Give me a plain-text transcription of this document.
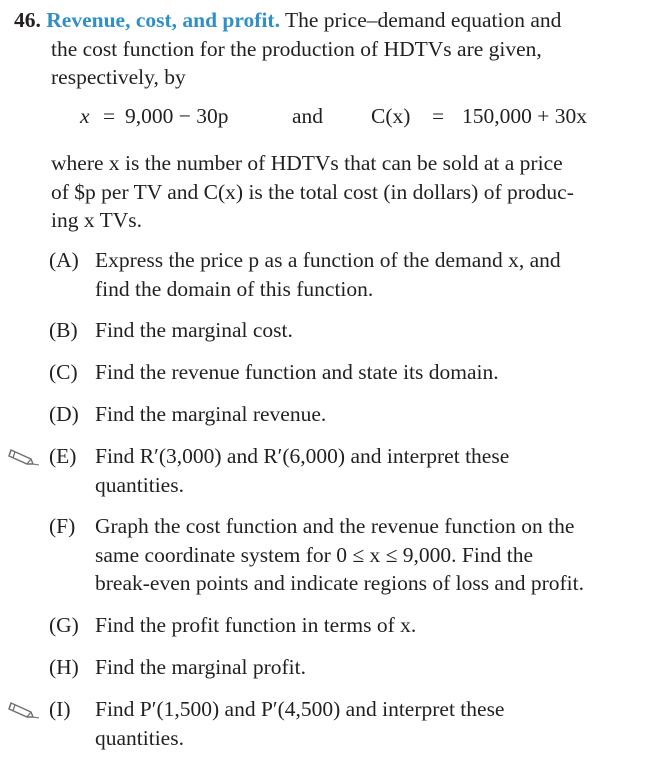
46. Revenue, cost, and profit. The price–demand equation and
the cost function for the production of HDTVs are given,
respectively, by
x = 9,000 − 30p	and C(x) = 150,000 + 30x
where x is the number of HDTVs that can be sold at a price
of $p per TV and C(x) is the total cost (in dollars) of produc-
ing x TVs.
(A) Express the price p as a function of the demand x, and
find the domain of this function.
(B) Find the marginal cost.
(C) Find the revenue function and state its domain.
(D) Find the marginal revenue.
(E) Find R′(3,000) and R′(6,000) and interpret these
quantities.
(F) Graph the cost function and the revenue function on the
same coordinate system for 0 ≤ x ≤ 9,000. Find the
break-even points and indicate regions of loss and profit.
(G) Find the profit function in terms of x.
(H) Find the marginal profit.
(I)	Find P′(1,500) and P′(4,500) and interpret these
quantities.
